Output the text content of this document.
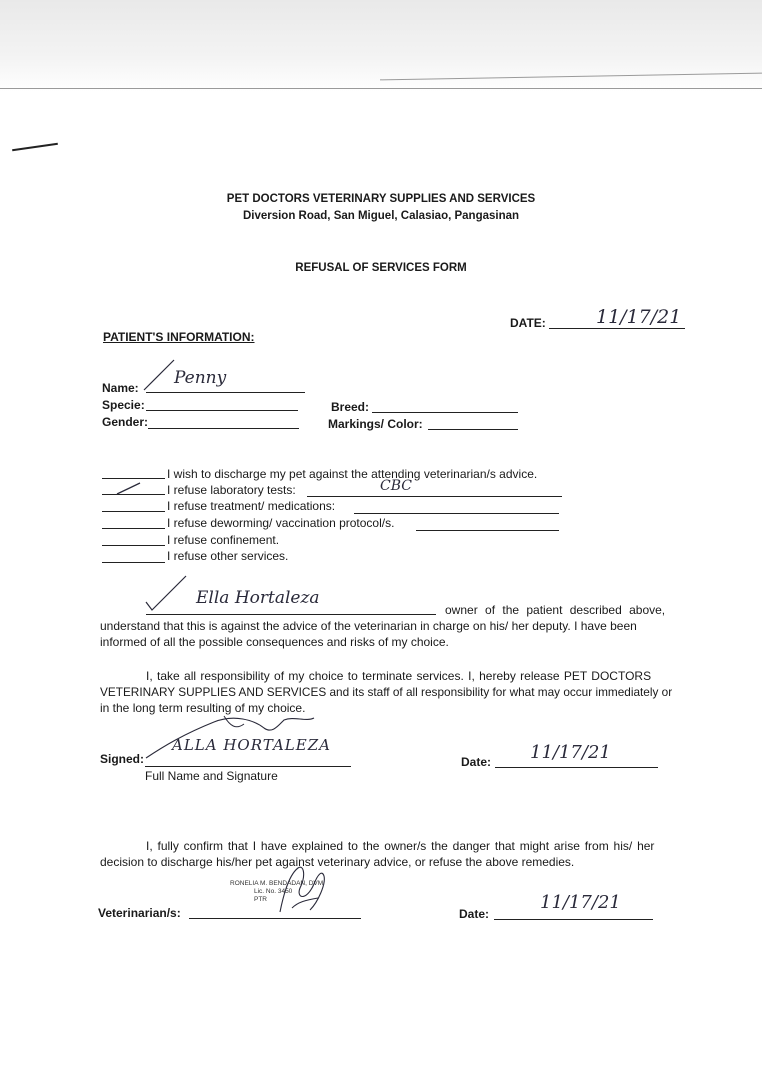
PET DOCTORS VETERINARY SUPPLIES AND SERVICES
Diversion Road, San Miguel, Calasiao, Pangasinan
REFUSAL OF SERVICES FORM
DATE:	11/17/21
PATIENT'S INFORMATION:
Name: Penny
Specie:
Gender:
Breed:
Markings/ Color:
I wish to discharge my pet against the attending veterinarian/s advice.
I refuse laboratory tests:	CBC
I refuse treatment/ medications:
I refuse deworming/ vaccination protocol/s.
I refuse confinement.
I refuse other services.
Ella Hortaleza
owner of the patient described above,
understand that this is against the advice of the veterinarian in charge on his/ her deputy. I have been
informed of all the possible consequences and risks of my choice.
I, take all responsibility of my choice to terminate services. I, hereby release PET DOCTORS
VETERINARY SUPPLIES AND SERVICES and its staff of all responsibility for what may occur immediately or
in the long term resulting of my choice.
Signed:
ALLA HORTALEZA
Full Name and Signature
Date: 11/17/21
I, fully confirm that I have explained to the owner/s the danger that might arise from his/ her
decision to discharge his/her pet against veterinary advice, or refuse the above remedies.
Veterinarian/s:
RONELIA M. BENDADAN, DVM
Lic. No. 3450
PTR
Date:
11/17/21
